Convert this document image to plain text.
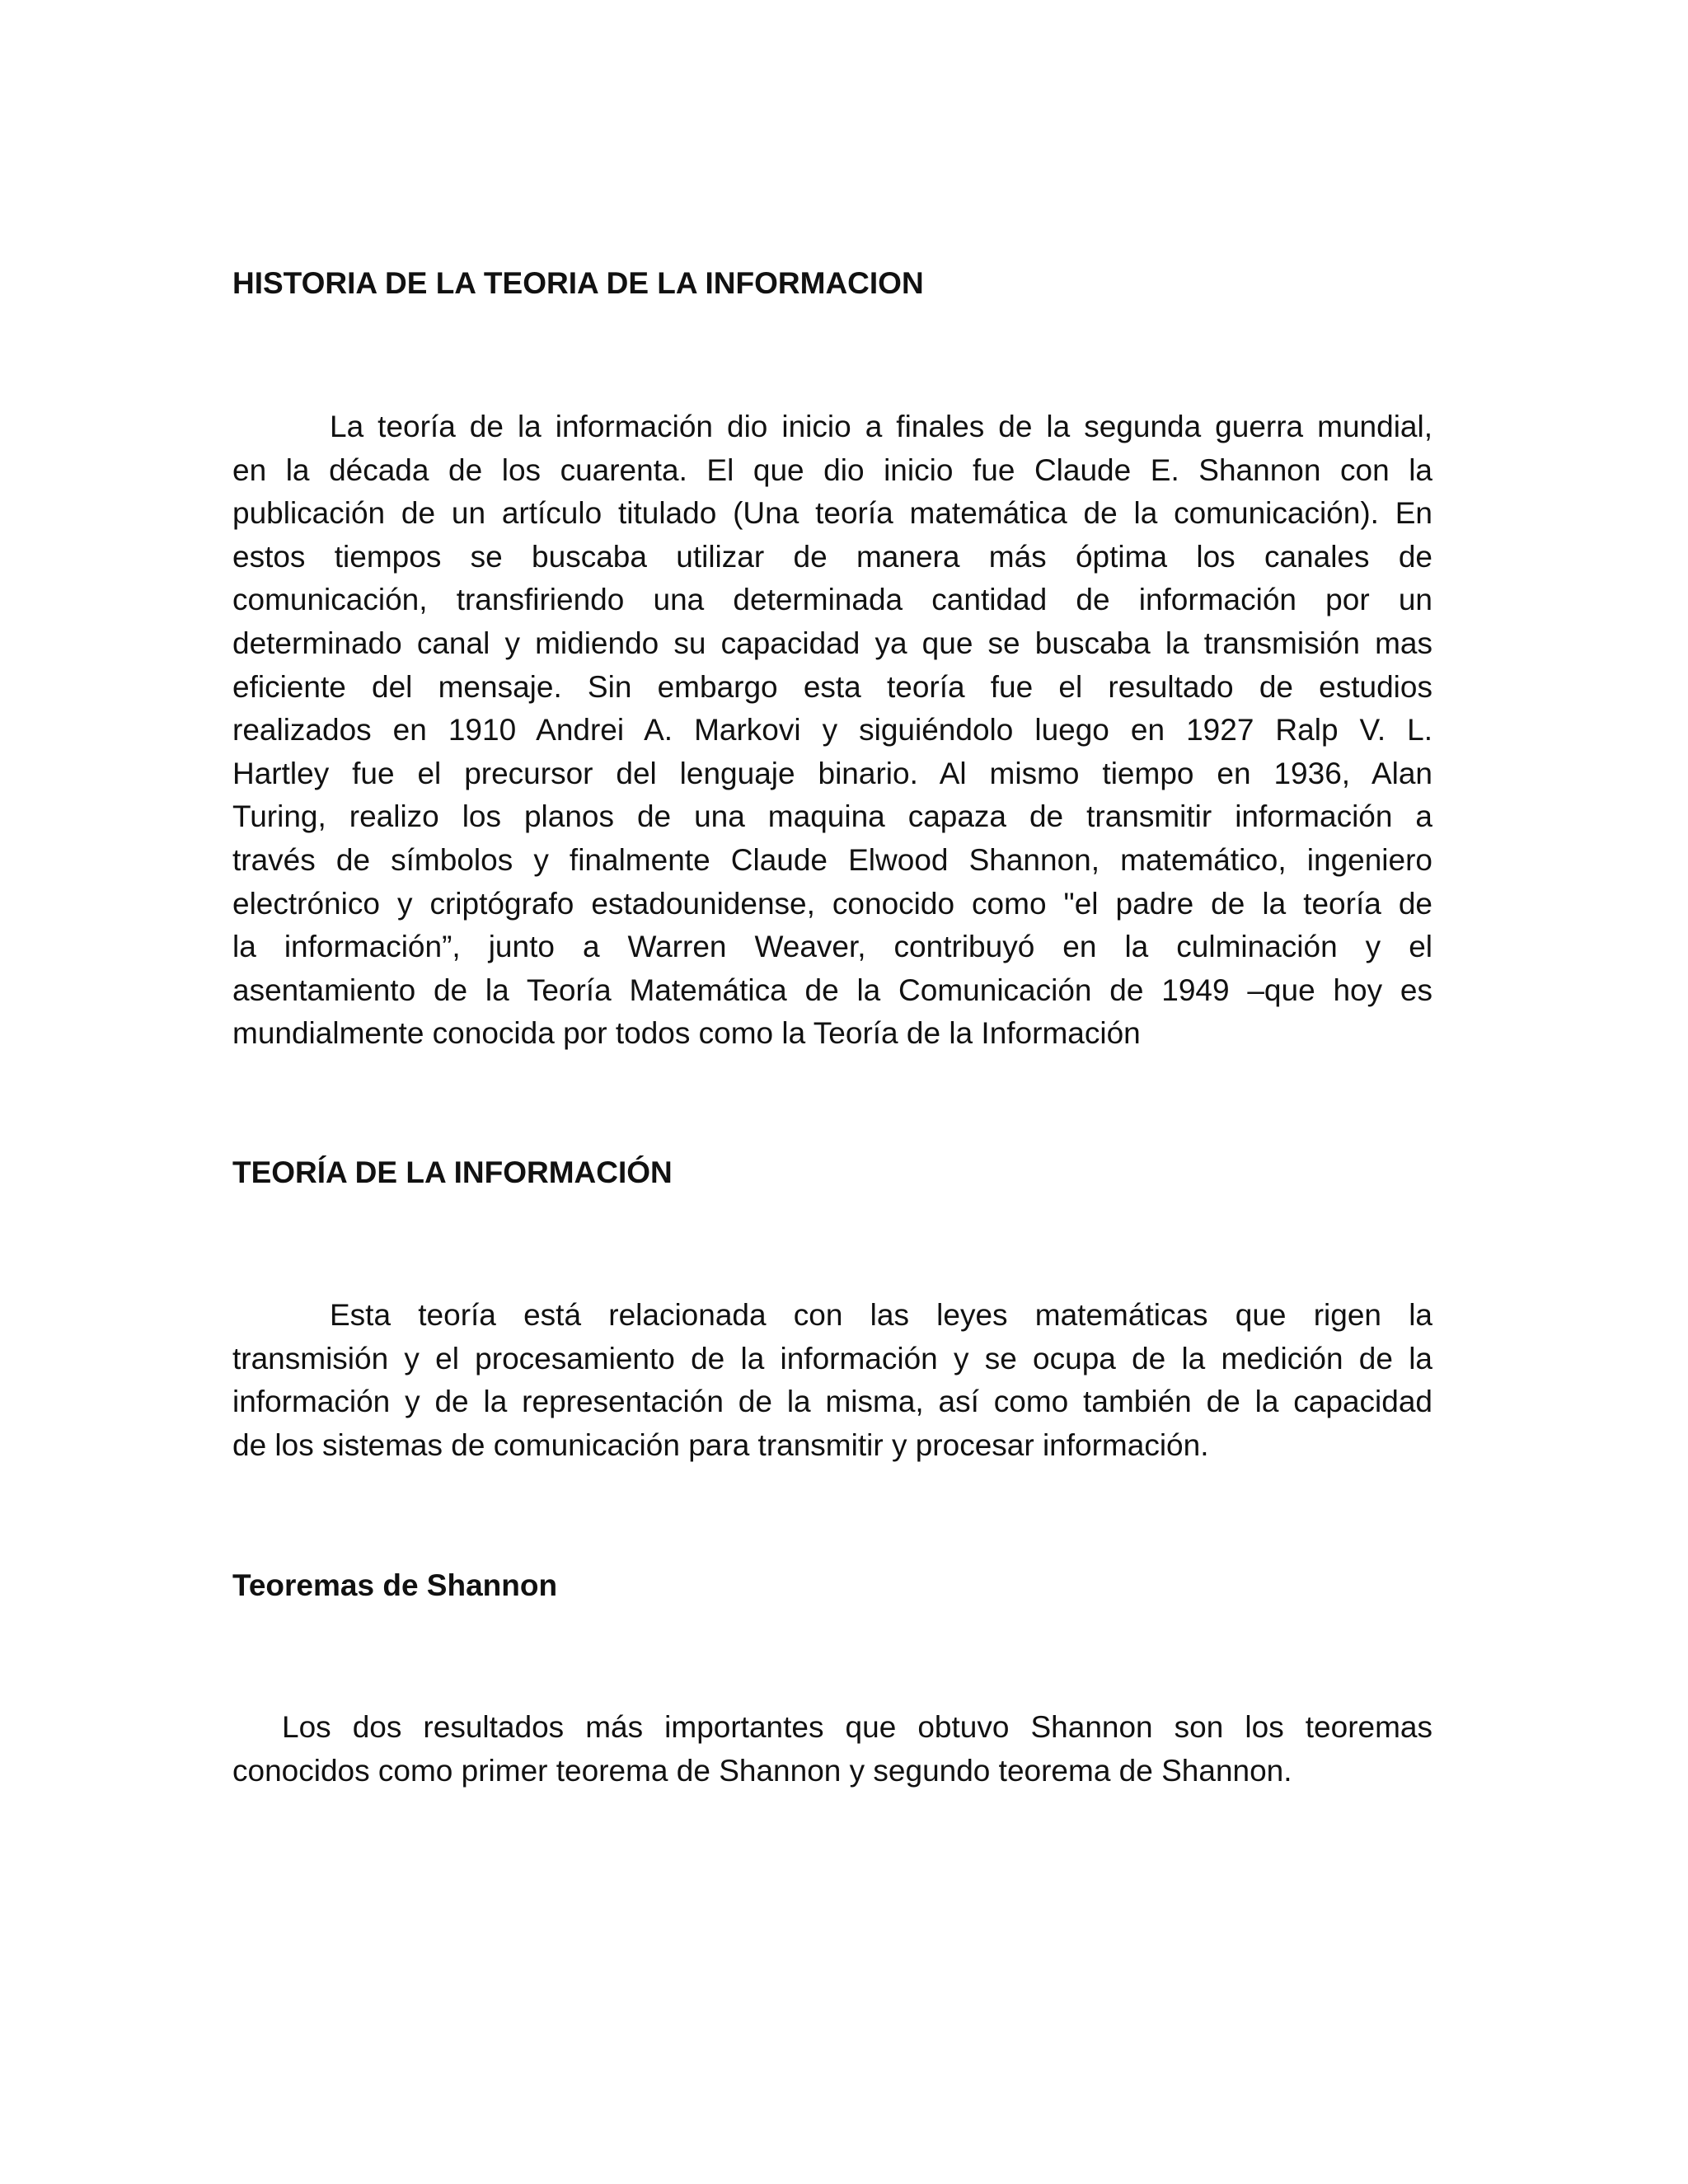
HISTORIA DE LA TEORIA DE LA INFORMACION
La teoría de la información dio inicio a finales de la segunda guerra mundial,
en la década de los cuarenta. El que dio inicio fue Claude E. Shannon con la
publicación de un artículo titulado (Una teoría matemática de la comunicación). En
estos tiempos se buscaba utilizar de manera más óptima los canales de
comunicación, transfiriendo una determinada cantidad de información por un
determinado canal y midiendo su capacidad ya que se buscaba la transmisión mas
eficiente del mensaje. Sin embargo esta teoría fue el resultado de estudios
realizados en 1910 Andrei A. Markovi y siguiéndolo luego en 1927 Ralp V. L.
Hartley fue el precursor del lenguaje binario. Al mismo tiempo en 1936, Alan
Turing, realizo los planos de una maquina capaza de transmitir información a
través de símbolos y finalmente Claude Elwood Shannon, matemático, ingeniero
electrónico y criptógrafo estadounidense, conocido como "el padre de la teoría de
la información”, junto a Warren Weaver, contribuyó en la culminación y el
asentamiento de la Teoría Matemática de la Comunicación de 1949 –que hoy es
mundialmente conocida por todos como la Teoría de la Información
TEORÍA DE LA INFORMACIÓN
Esta teoría está relacionada con las leyes matemáticas que rigen la
transmisión y el procesamiento de la información y se ocupa de la medición de la
información y de la representación de la misma, así como también de la capacidad
de los sistemas de comunicación para transmitir y procesar información.
Teoremas de Shannon
Los dos resultados más importantes que obtuvo Shannon son los teoremas
conocidos como primer teorema de Shannon y segundo teorema de Shannon.
